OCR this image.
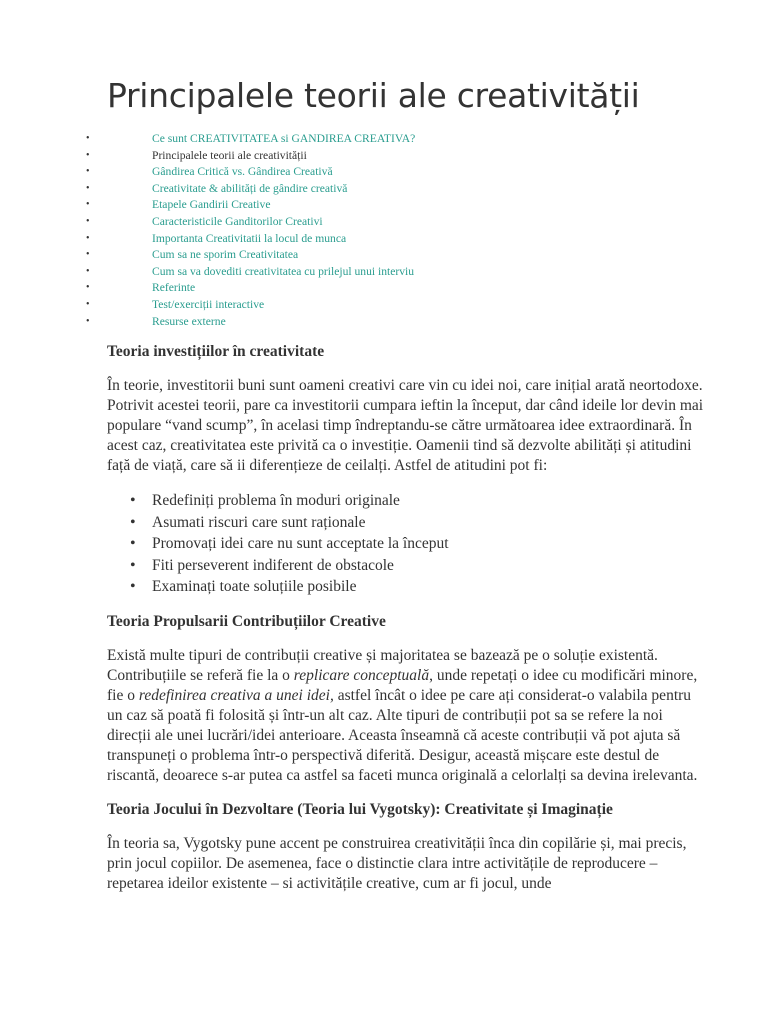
Principalele teorii ale creativității
•	Ce sunt CREATIVITATEA si GANDIREA CREATIVA?
•	Principalele teorii ale creativității
•	Gândirea Critică vs. Gândirea Creativă
•	Creativitate & abilități de gândire creativă
•	Etapele Gandirii Creative
•	Caracteristicile Ganditorilor Creativi
•	Importanta Creativitatii la locul de munca
•	Cum sa ne sporim Creativitatea
•	Cum sa va dovediti creativitatea cu prilejul unui interviu
•	Referinte
•	Test/exerciții interactive
•	Resurse externe
Teoria investițiilor în creativitate

În teorie, investitorii buni sunt oameni creativi care vin cu idei noi, care inițial arată neortodoxe. Potrivit acestei teorii, pare ca investitorii cumpara ieftin la început, dar când ideile lor devin mai populare “vand scump”, în acelasi timp îndreptandu-se către următoarea idee extraordinară. În acest caz, creativitatea este privită ca o investiție. Oamenii tind să dezvolte abilități și atitudini față de viață, care să ii diferențieze de ceilalți. Astfel de atitudini pot fi:

• Redefiniți problema în moduri originale
• Asumati riscuri care sunt raționale
• Promovați idei care nu sunt acceptate la început
• Fiti perseverent indiferent de obstacole
• Examinați toate soluțiile posibile
Teoria Propulsarii Contribuțiilor Creative

Există multe tipuri de contribuții creative și majoritatea se bazează pe o soluție existentă. Contribuțiile se referă fie la o replicare conceptuală, unde repetați o idee cu modificări minore, fie o redefinirea creativa a unei idei, astfel încât o idee pe care ați considerat-o valabila pentru un caz să poată fi folosită și într-un alt caz. Alte tipuri de contribuții pot sa se refere la noi direcții ale unei lucrări/idei anterioare. Aceasta înseamnă că aceste contribuții vă pot ajuta să transpuneți o problema într-o perspectivă diferită. Desigur, această mișcare este destul de riscantă, deoarece s-ar putea ca astfel sa faceti munca originală a celorlalți sa devina irelevanta.

Teoria Jocului în Dezvoltare (Teoria lui Vygotsky): Creativitate și Imaginație

În teoria sa, Vygotsky pune accent pe construirea creativității înca din copilărie și, mai precis, prin jocul copiilor. De asemenea, face o distinctie clara intre activitățile de reproducere – repetarea ideilor existente – si activitățile creative, cum ar fi jocul, unde
